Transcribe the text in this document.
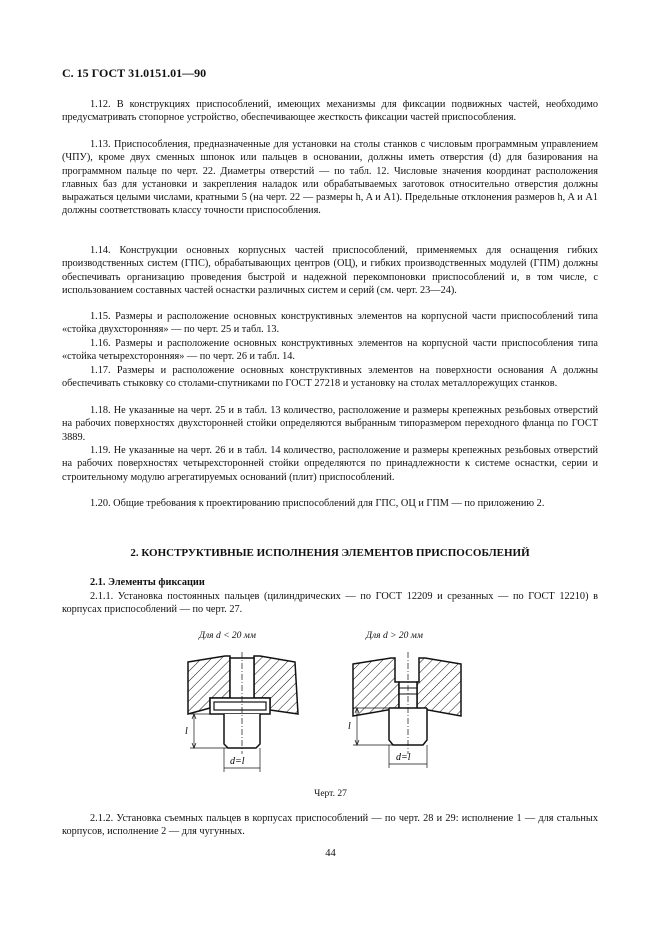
С. 15 ГОСТ 31.0151.01—90

1.12. В конструкциях приспособлений, имеющих механизмы для фиксации подвижных частей, необходимо предусматривать стопорное устройство, обеспечивающее жесткость фиксации частей приспособления.

1.13. Приспособления, предназначенные для установки на столы станков с числовым программным управлением (ЧПУ), кроме двух сменных шпонок или пальцев в основании, должны иметь отверстия (d) для базирования на программном пальце по черт. 22. Диаметры отверстий — по табл. 12. Числовые значения координат расположения главных баз для установки и закрепления наладок или обрабатываемых заготовок относительно отверстия должны выражаться целыми числами, кратными 5 (на черт. 22 — размеры h, A и A1). Предельные отклонения размеров h, A и A1 должны соответствовать классу точности приспособления.

1.14. Конструкции основных корпусных частей приспособлений, применяемых для оснащения гибких производственных систем (ГПС), обрабатывающих центров (ОЦ), и гибких производственных модулей (ГПМ) должны обеспечивать организацию проведения быстрой и надежной перекомпоновки приспособлений и, в том числе, с использованием составных частей оснастки различных систем и серий (см. черт. 23—24).

1.15. Размеры и расположение основных конструктивных элементов на корпусной части приспособлений типа «стойка двухсторонняя» — по черт. 25 и табл. 13.

1.16. Размеры и расположение основных конструктивных элементов на корпусной части приспособления типа «стойка четырехсторонняя» — по черт. 26 и табл. 14.

1.17. Размеры и расположение основных конструктивных элементов на поверхности основания A должны обеспечивать стыковку со столами-спутниками по ГОСТ 27218 и установку на столах металлорежущих станков.

1.18. Не указанные на черт. 25 и в табл. 13 количество, расположение и размеры крепежных резьбовых отверстий на рабочих поверхностях двухсторонней стойки определяются выбранным типоразмером переходного фланца по ГОСТ 3889.

1.19. Не указанные на черт. 26 и в табл. 14 количество, расположение и размеры крепежных резьбовых отверстий на рабочих поверхностях четырехсторонней стойки определяются по принадлежности к системе оснастки, серии и строительному модулю агрегатируемых оснований (плит) приспособлений.

1.20. Общие требования к проектированию приспособлений для ГПС, ОЦ и ГПМ — по приложению 2.

2. КОНСТРУКТИВНЫЕ ИСПОЛНЕНИЯ ЭЛЕМЕНТОВ ПРИСПОСОБЛЕНИЙ
2.1. Элементы фиксации

2.1.1. Установка постоянных пальцев (цилиндрических — по ГОСТ 12209 и срезанных — по ГОСТ 12210) в корпусах приспособлений — по черт. 27.

Для d < 20 мм	Для d > 20 мм
l
d=l
l
d=l
Черт. 27

2.1.2. Установка съемных пальцев в корпусах приспособлений — по черт. 28 и 29: исполнение 1 — для стальных корпусов, исполнение 2 — для чугунных.

44
